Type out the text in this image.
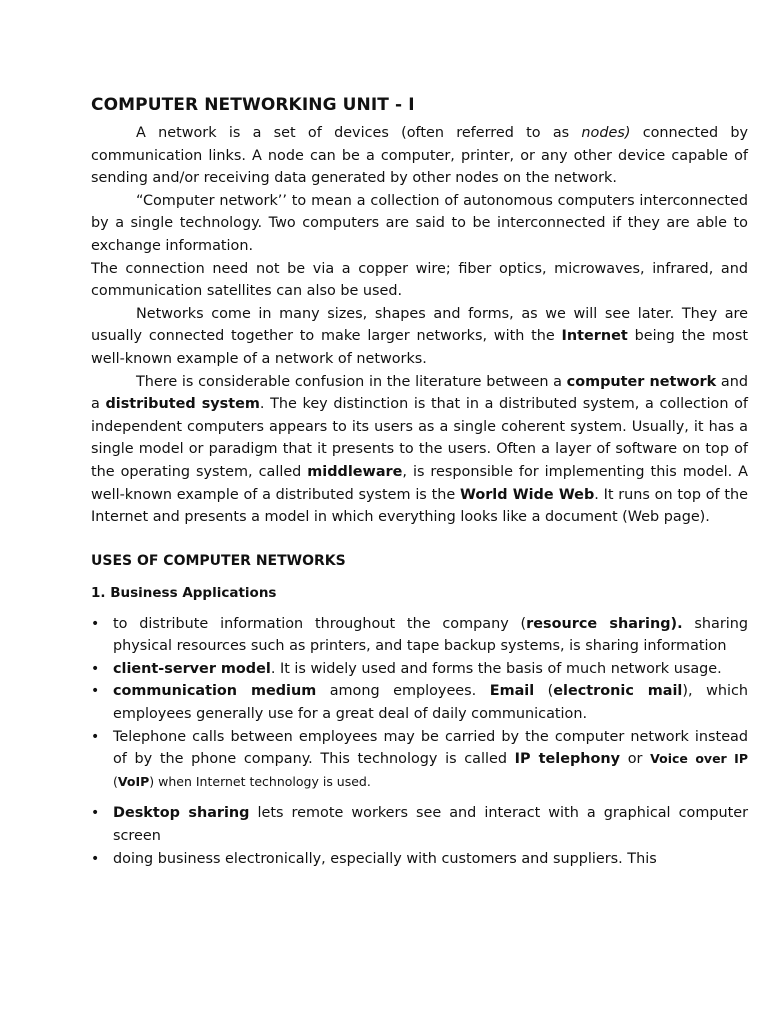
COMPUTER NETWORKING UNIT - I

A network is a set of devices (often referred to as nodes) connected by communication links. A node can be a computer, printer, or any other device capable of sending and/or receiving data generated by other nodes on the network.

“Computer network’’ to mean a collection of autonomous computers interconnected by a single technology. Two computers are said to be interconnected if they are able to exchange information.

The connection need not be via a copper wire; fiber optics, microwaves, infrared, and communication satellites can also be used.

Networks come in many sizes, shapes and forms, as we will see later. They are usually connected together to make larger networks, with the Internet being the most well-known example of a network of networks.

There is considerable confusion in the literature between a computer network and a distributed system. The key distinction is that in a distributed system, a collection of independent computers appears to its users as a single coherent system. Usually, it has a single model or paradigm that it presents to the users. Often a layer of software on top of the operating system, called middleware, is responsible for implementing this model. A well-known example of a distributed system is the World Wide Web. It runs on top of the Internet and presents a model in which everything looks like a document (Web page).

USES OF COMPUTER NETWORKS
1. Business Applications
• to distribute information throughout the company (resource sharing). sharing physical resources such as printers, and tape backup systems, is sharing information
• client-server model. It is widely used and forms the basis of much network usage.
• communication medium among employees. Email (electronic mail), which employees generally use for a great deal of daily communication.
• Telephone calls between employees may be carried by the computer network instead of by the phone company. This technology is called IP telephony or Voice over IP (VoIP) when Internet technology is used.
• Desktop sharing lets remote workers see and interact with a graphical computer screen
• doing business electronically, especially with customers and suppliers. This
